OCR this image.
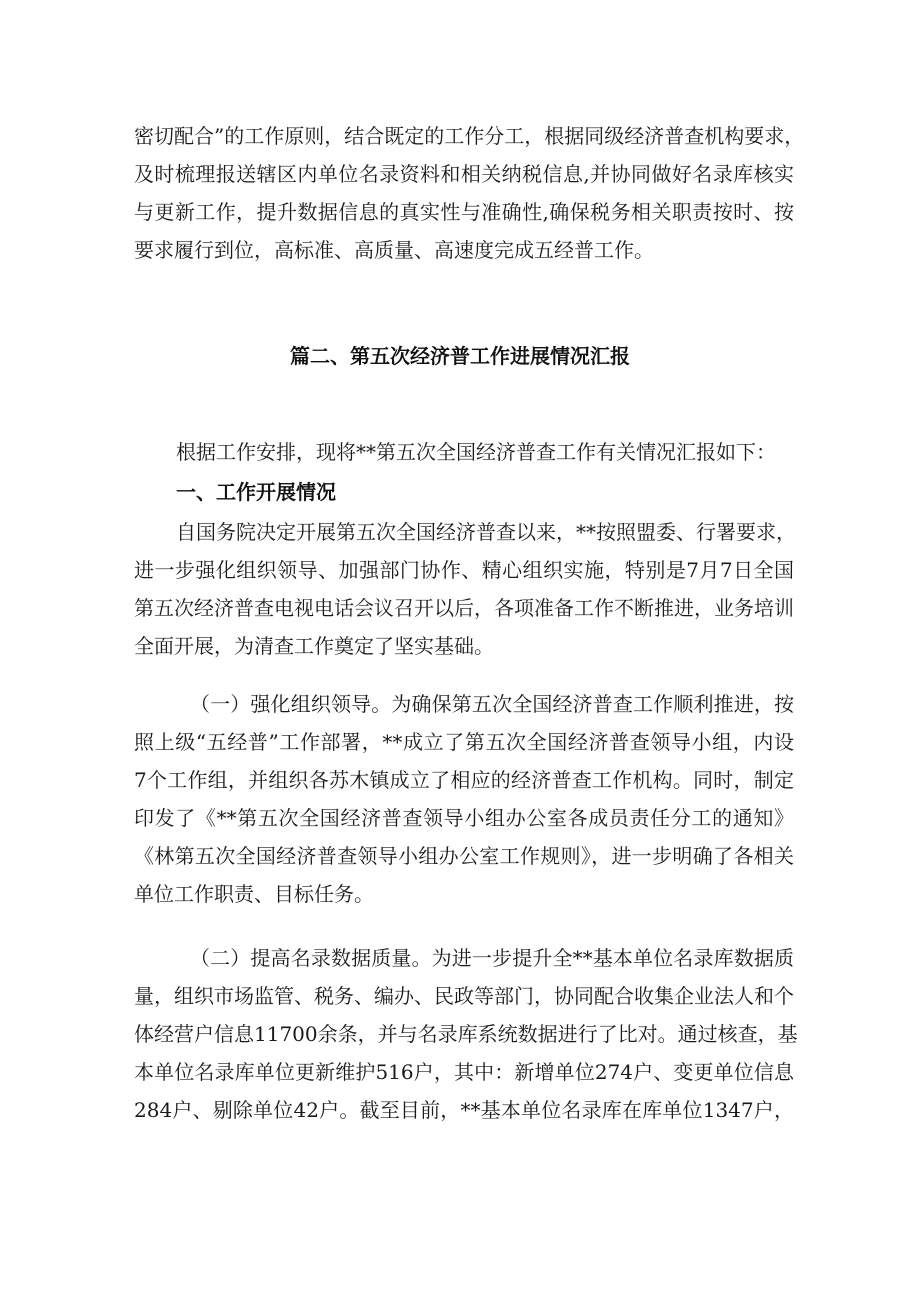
密切配合”的工作原则，结合既定的工作分工，根据同级经济普查机构要求，
及时梳理报送辖区内单位名录资料和相关纳税信息,并协同做好名录库核实
与更新工作，提升数据信息的真实性与准确性,确保税务相关职责按时、按
要求履行到位，高标准、高质量、高速度完成五经普工作。
篇二、第五次经济普工作进展情况汇报
根据工作安排，现将**第五次全国经济普查工作有关情况汇报如下：
一、工作开展情况
自国务院决定开展第五次全国经济普查以来，**按照盟委、行署要求，
进一步强化组织领导、加强部门协作、精心组织实施，特别是7月7日全国
第五次经济普查电视电话会议召开以后，各项准备工作不断推进，业务培训
全面开展，为清查工作奠定了坚实基础。
（一）强化组织领导。为确保第五次全国经济普查工作顺利推进，按
照上级“五经普”工作部署，**成立了第五次全国经济普查领导小组，内设
7个工作组，并组织各苏木镇成立了相应的经济普查工作机构。同时，制定
印发了《**第五次全国经济普查领导小组办公室各成员责任分工的通知》
《林第五次全国经济普查领导小组办公室工作规则》，进一步明确了各相关
单位工作职责、目标任务。
（二）提高名录数据质量。为进一步提升全**基本单位名录库数据质
量，组织市场监管、税务、编办、民政等部门，协同配合收集企业法人和个
体经营户信息11700余条，并与名录库系统数据进行了比对。通过核查，基
本单位名录库单位更新维护516户，其中：新增单位274户、变更单位信息
284户、剔除单位42户。截至目前，**基本单位名录库在库单位1347户，
